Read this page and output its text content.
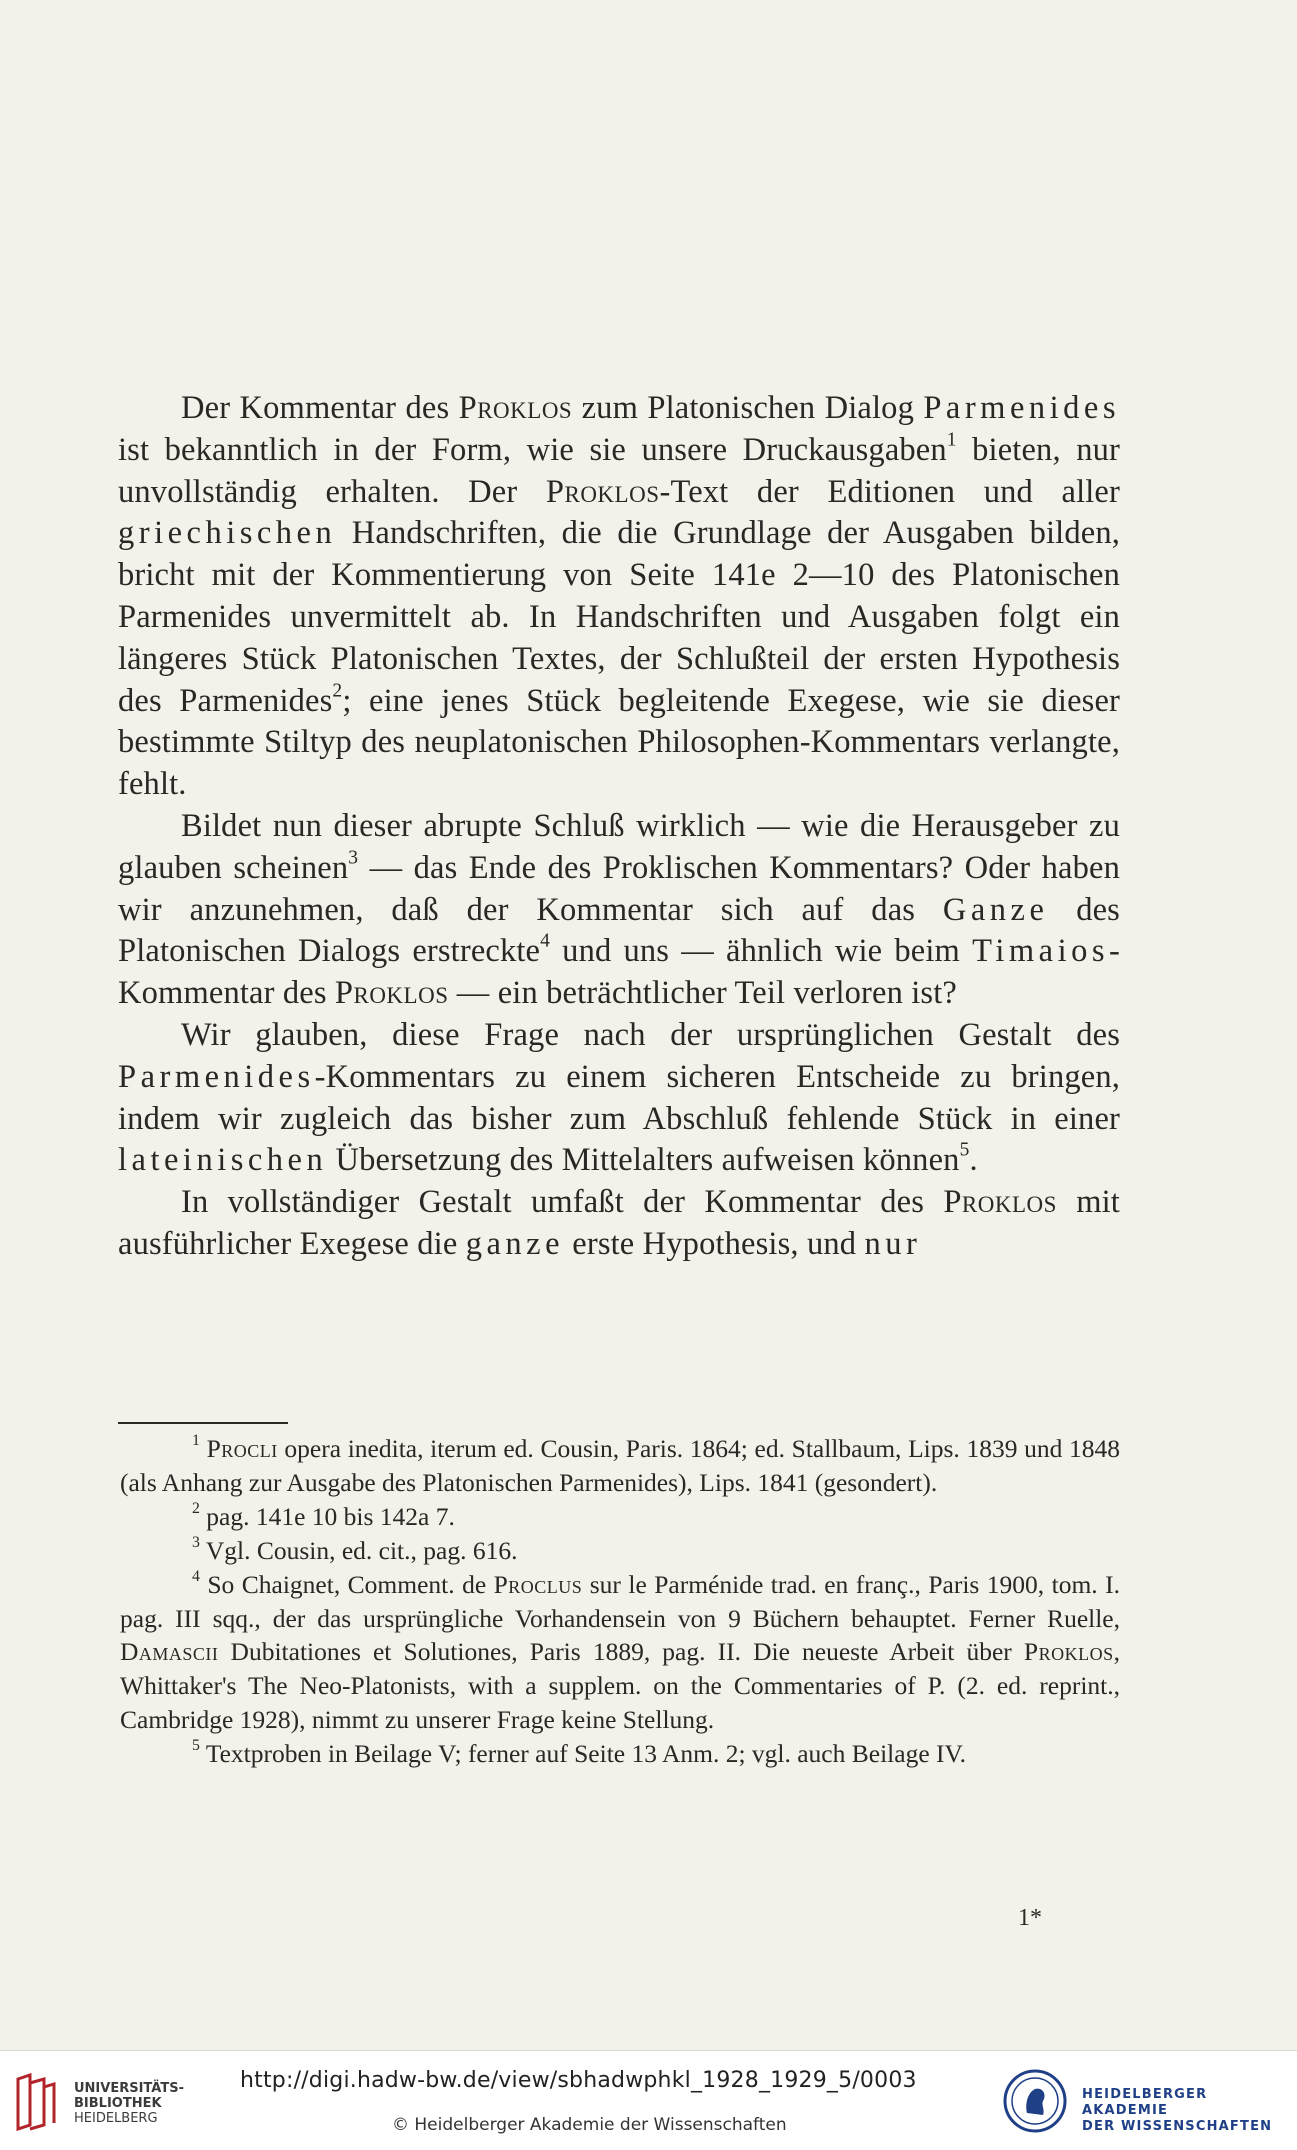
Der Kommentar des Proklos zum Platonischen Dialog Parmenides ist bekanntlich in der Form, wie sie unsere Druckausgaben$^1$ bieten, nur unvollständig erhalten. Der Proklos-Text der Editionen und aller griechischen Handschriften, die die Grundlage der Ausgaben bilden, bricht mit der Kommentierung von Seite 141e 2—10 des Platonischen Parmenides unvermittelt ab. In Handschriften und Ausgaben folgt ein längeres Stück Platonischen Textes, der Schlußteil der ersten Hypothesis des Parmenides$^2$; eine jenes Stück begleitende Exegese, wie sie dieser bestimmte Stiltyp des neuplatonischen Philosophen-Kommentars verlangte, fehlt.

Bildet nun dieser abrupte Schluß wirklich — wie die Herausgeber zu glauben scheinen$^3$ — das Ende des Proklischen Kommentars? Oder haben wir anzunehmen, daß der Kommentar sich auf das Ganze des Platonischen Dialogs erstreckte$^4$ und uns — ähnlich wie beim Timaios-Kommentar des Proklos — ein beträchtlicher Teil verloren ist?

Wir glauben, diese Frage nach der ursprünglichen Gestalt des Parmenides-Kommentars zu einem sicheren Entscheide zu bringen, indem wir zugleich das bisher zum Abschluß fehlende Stück in einer lateinischen Übersetzung des Mittelalters aufweisen können$^5$.

In vollständiger Gestalt umfaßt der Kommentar des Proklos mit ausführlicher Exegese die ganze erste Hypothesis, und nur

$^1$ Procli opera inedita, iterum ed. Cousin, Paris. 1864; ed. Stallbaum, Lips. 1839 und 1848 (als Anhang zur Ausgabe des Platonischen Parmenides), Lips. 1841 (gesondert).

$^2$ pag. 141e 10 bis 142a 7.

$^3$ Vgl. Cousin, ed. cit., pag. 616.

$^4$ So Chaignet, Comment. de Proclus sur le Parménide trad. en franç., Paris 1900, tom. I. pag. III sqq., der das ursprüngliche Vorhandensein von 9 Büchern behauptet. Ferner Ruelle, Damascii Dubitationes et Solutiones, Paris 1889, pag. II. Die neueste Arbeit über Proklos, Whittaker's The Neo-Platonists, with a supplem. on the Commentaries of P. (2. ed. reprint., Cambridge 1928), nimmt zu unserer Frage keine Stellung.

$^5$ Textproben in Beilage V; ferner auf Seite 13 Anm. 2; vgl. auch Beilage IV.

1*
UNIVERSITÄTS-
BIBLIOTHEK
HEIDELBERG
http://digi.hadw-bw.de/view/sbhadwphkl_1928_1929_5/0003
© Heidelberger Akademie der Wissenschaften
HEIDELBERGER AKADEMIE
DER WISSENSCHAFTEN
